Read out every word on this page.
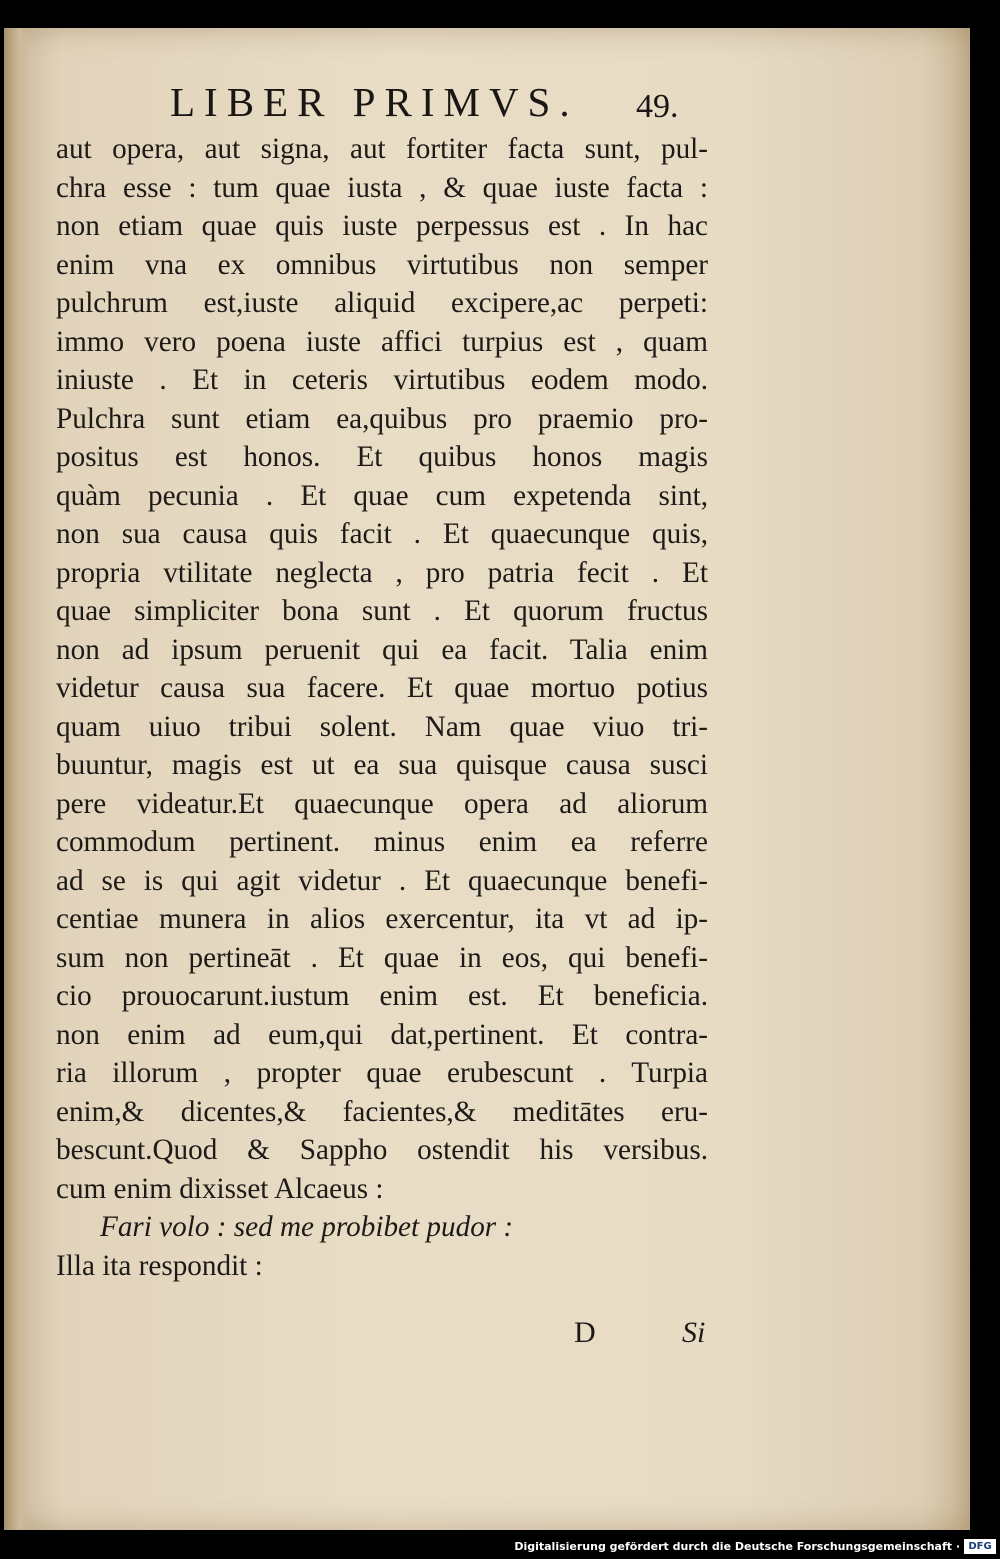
LIBER PRIMVS. 49.
aut opera, aut signa, aut fortiter facta sunt, pul-
chra esse : tum quae iusta , & quae iuste facta :
non etiam quae quis iuste perpessus est . In hac
enim vna ex omnibus virtutibus non semper
pulchrum est,iuste aliquid excipere,ac perpeti:
immo vero poena iuste affici turpius est , quam
iniuste . Et in ceteris virtutibus eodem modo.
Pulchra sunt etiam ea,quibus pro praemio pro-
positus est honos. Et quibus honos magis
quàm pecunia . Et quae cum expetenda sint,
non sua causa quis facit . Et quaecunque quis,
propria vtilitate neglecta , pro patria fecit . Et
quae simpliciter bona sunt . Et quorum fructus
non ad ipsum peruenit qui ea facit. Talia enim
videtur causa sua facere. Et quae mortuo potius
quam uiuo tribui solent. Nam quae viuo tri-
buuntur, magis est ut ea sua quisque causa susci
pere videatur.Et quaecunque opera ad aliorum
commodum pertinent. minus enim ea referre
ad se is qui agit videtur . Et quaecunque benefi-
centiae munera in alios exercentur, ita vt ad ip-
sum non pertineāt . Et quae in eos, qui benefi-
cio prouocarunt.iustum enim est. Et beneficia.
non enim ad eum,qui dat,pertinent. Et contra-
ria illorum , propter quae erubescunt . Turpia
enim,& dicentes,& facientes,& meditātes eru-
bescunt.Quod & Sappho ostendit his versibus.
cum enim dixisset Alcaeus :
Fari volo : sed me probibet pudor :
Illa ita respondit :
D	Si
Digitalisierung gefördert durch die Deutsche Forschungsgemeinschaft · DFG
